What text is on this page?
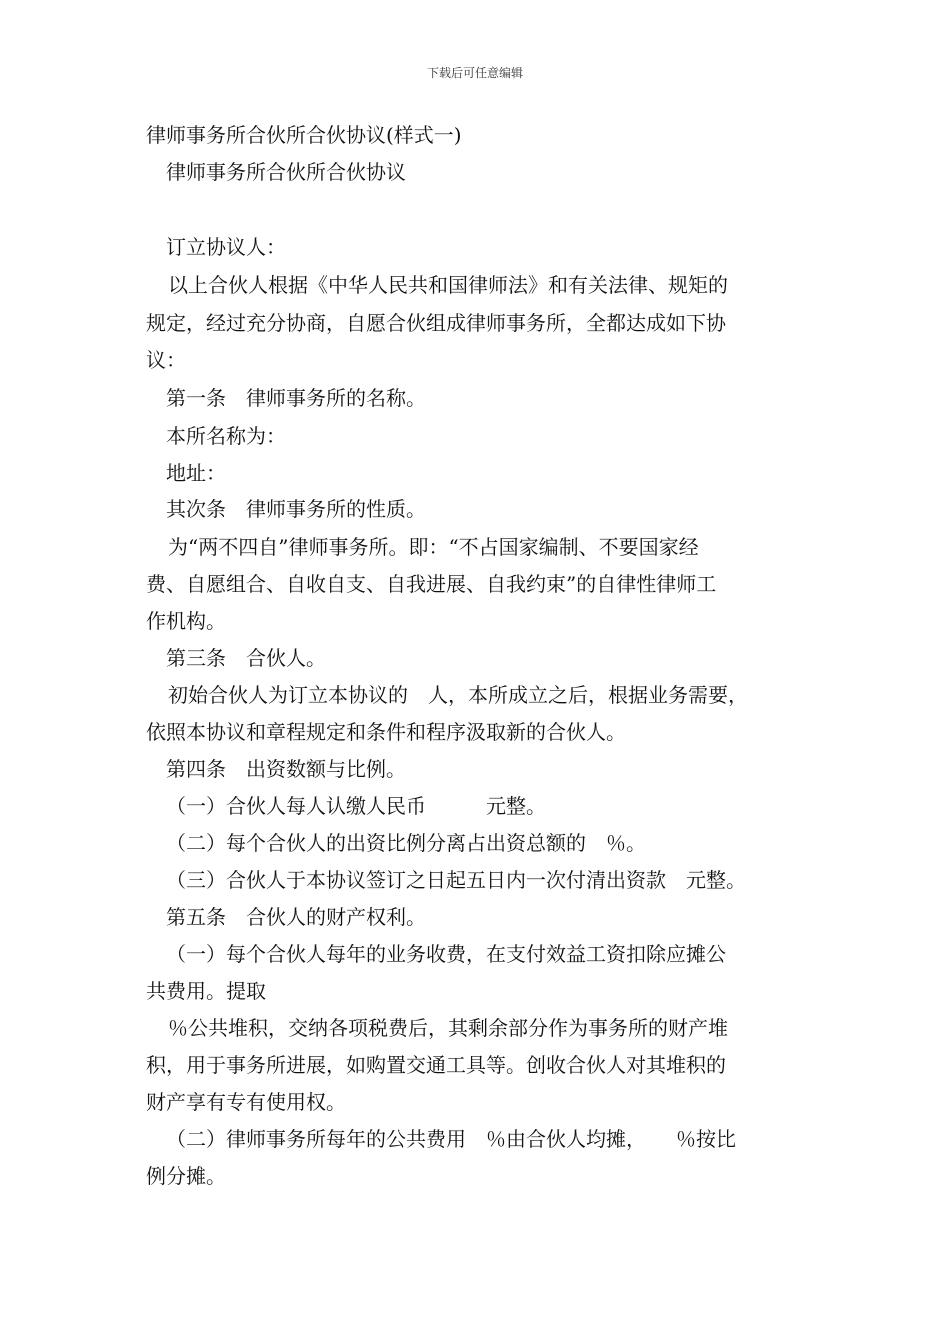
下载后可任意编辑
律师事务所合伙所合伙协议(样式一)
律师事务所合伙所合伙协议
订立协议人：
以上合伙人根据《中华人民共和国律师法》和有关法律、规矩的
规定，经过充分协商，自愿合伙组成律师事务所，全都达成如下协
议：
第一条　律师事务所的名称。
本所名称为：
地址：
其次条　律师事务所的性质。
为“两不四自”律师事务所。即：“不占国家编制、不要国家经
费、自愿组合、自收自支、自我进展、自我约束”的自律性律师工
作机构。
第三条　合伙人。
初始合伙人为订立本协议的　人，本所成立之后，根据业务需要，
依照本协议和章程规定和条件和程序汲取新的合伙人。
第四条　出资数额与比例。
（一）合伙人每人认缴人民币　　　元整。
（二）每个合伙人的出资比例分离占出资总额的　％。
（三）合伙人于本协议签订之日起五日内一次付清出资款　元整。
第五条　合伙人的财产权利。
（一）每个合伙人每年的业务收费，在支付效益工资扣除应摊公
共费用。提取
％公共堆积，交纳各项税费后，其剩余部分作为事务所的财产堆
积，用于事务所进展，如购置交通工具等。创收合伙人对其堆积的
财产享有专有使用权。
（二）律师事务所每年的公共费用　％由合伙人均摊，　　％按比
例分摊。
